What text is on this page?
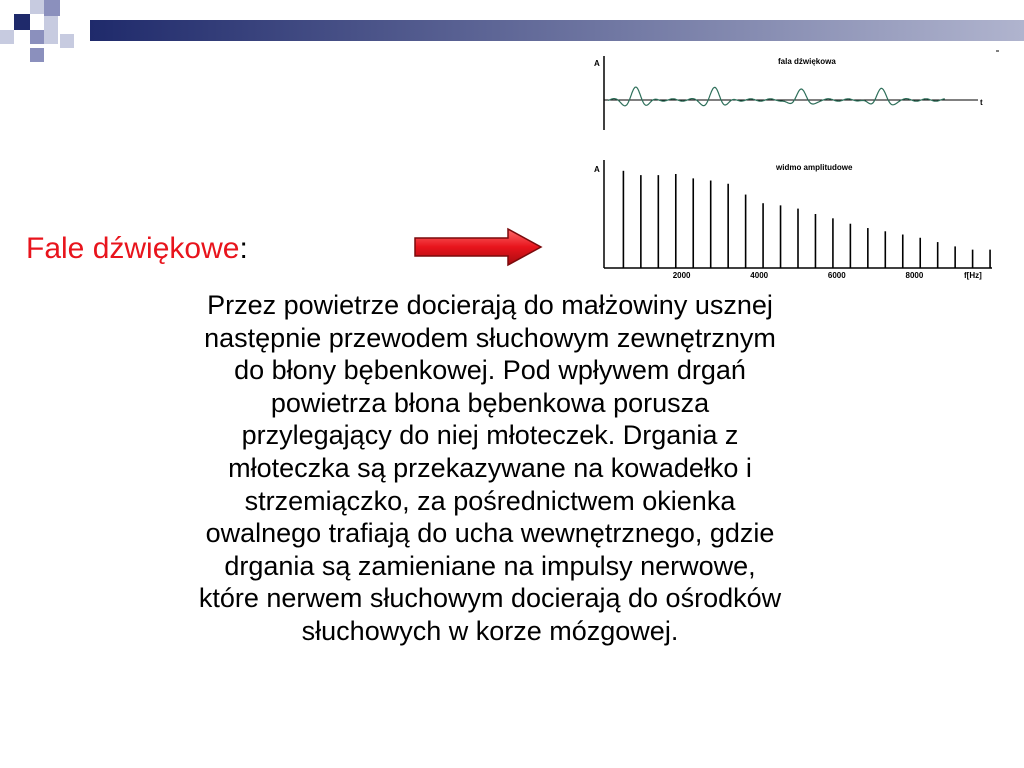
A
t
fala dźwiękowa
A	widmo amplitudowe
f[Hz]
2000	4000	6000	8000
Fale dźwiękowe:
Przez powietrze docierają do małżowiny usznej
następnie przewodem słuchowym zewnętrznym
do błony bębenkowej. Pod wpływem drgań
powietrza błona bębenkowa porusza
przylegający do niej młoteczek. Drgania z
młoteczka są przekazywane na kowadełko i
strzemiączko, za pośrednictwem okienka
owalnego trafiają do ucha wewnętrznego, gdzie
drgania są zamieniane na impulsy nerwowe,
które nerwem słuchowym docierają do ośrodków
słuchowych w korze mózgowej.
